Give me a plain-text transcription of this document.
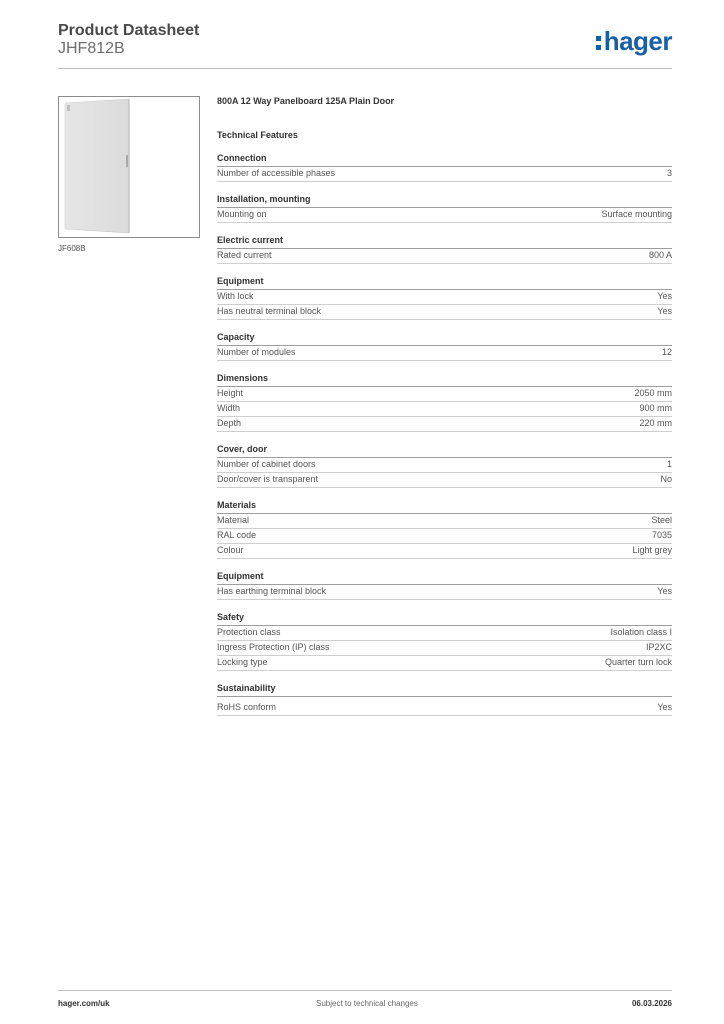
Product Datasheet

JHF812B	hager
JF608B
800A 12 Way Panelboard 125A Plain Door
Technical Features
Connection
Number of accessible phases	3
Installation, mounting
Mounting on	Surface mounting
Electric current
Rated current	800 A
Equipment
With lock	Yes
Has neutral terminal block	Yes
Capacity
Number of modules	12
Dimensions
Height	2050 mm
Width	900 mm
Depth	220 mm
Cover, door
Number of cabinet doors	1
Door/cover is transparent	No
Materials
Material	Steel
RAL code	7035
Colour	Light grey
Equipment
Has earthing terminal block	Yes
Safety
Protection class	Isolation class I
Ingress Protection (IP) class	IP2XC
Locking type	Quarter turn lock
Sustainability
RoHS conform	Yes
hager.com/uk	Subject to technical changes	06.03.2026
